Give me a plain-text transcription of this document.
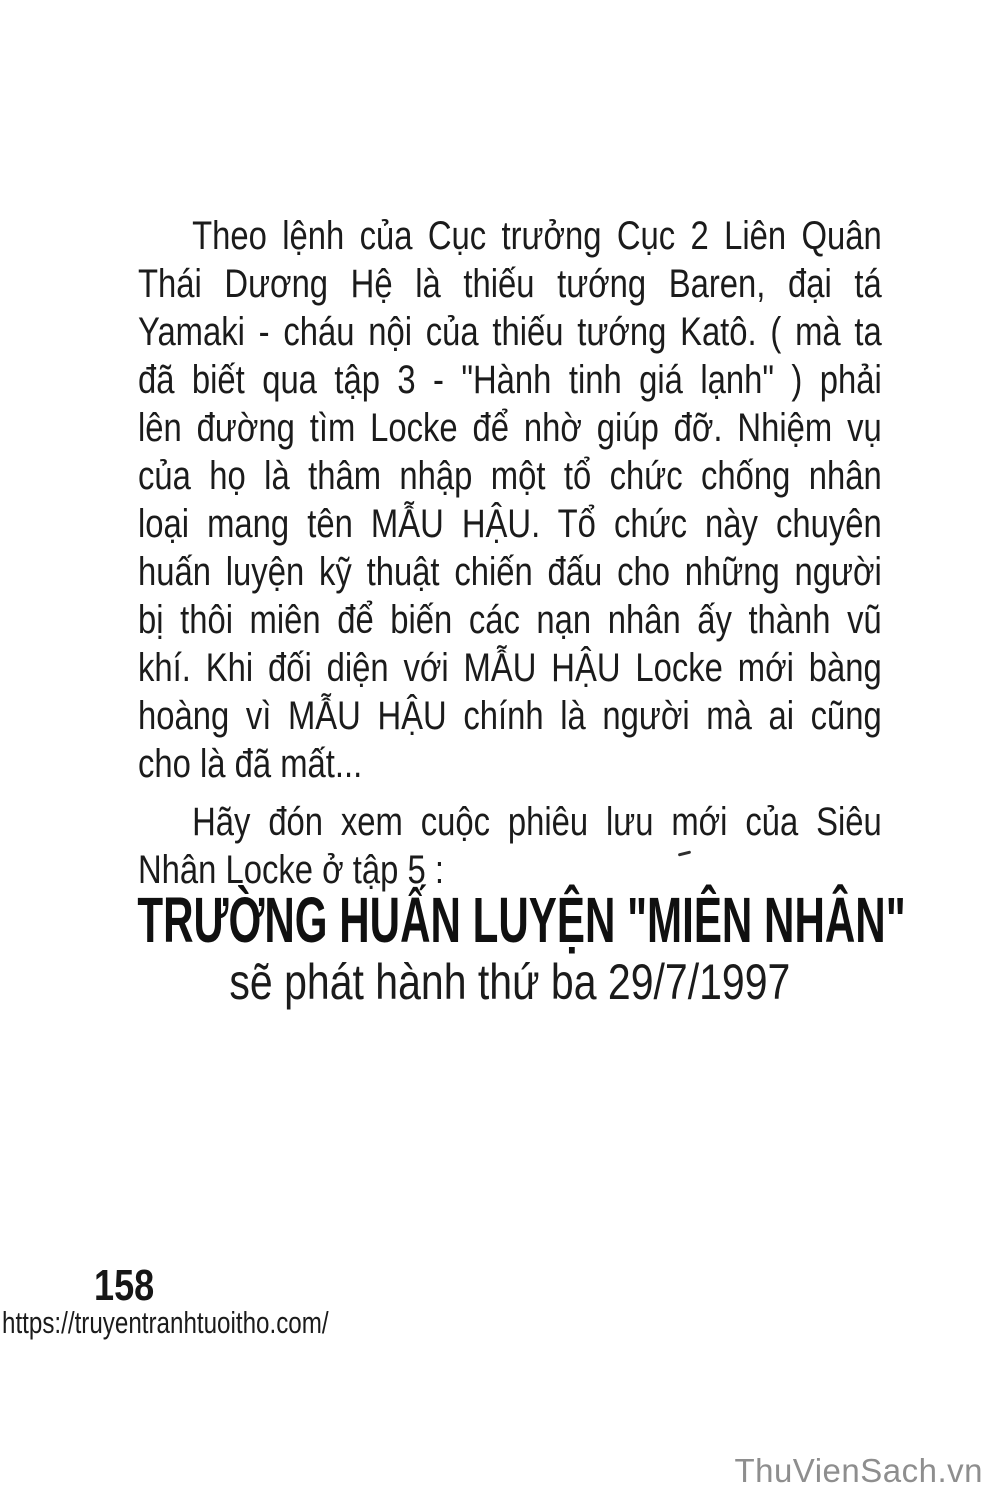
Theo lệnh của Cục trưởng Cục 2 Liên Quân
Thái Dương Hệ là thiếu tướng Baren, đại tá
Yamaki - cháu nội của thiếu tướng Katô. ( mà ta
đã biết qua tập 3 - "Hành tinh giá lạnh" ) phải
lên đường tìm Locke để nhờ giúp đỡ. Nhiệm vụ
của họ là thâm nhập một tổ chức chống nhân
loại mang tên MẪU HẬU. Tổ chức này chuyên
huấn luyện kỹ thuật chiến đấu cho những người
bị thôi miên để biến các nạn nhân ấy thành vũ
khí. Khi đối diện với MẪU HẬU Locke mới bàng
hoàng vì MẪU HẬU chính là người mà ai cũng
cho là đã mất...
Hãy đón xem cuộc phiêu lưu mới của Siêu
Nhân Locke ở tập 5 :
sẽ phát hành thứ ba 29/7/1997
TRƯỜNG HUẤN LUYỆN "MIÊN NHÂN"
158
https://truyentranhtuoitho.com/
ThuVienSach.vn
